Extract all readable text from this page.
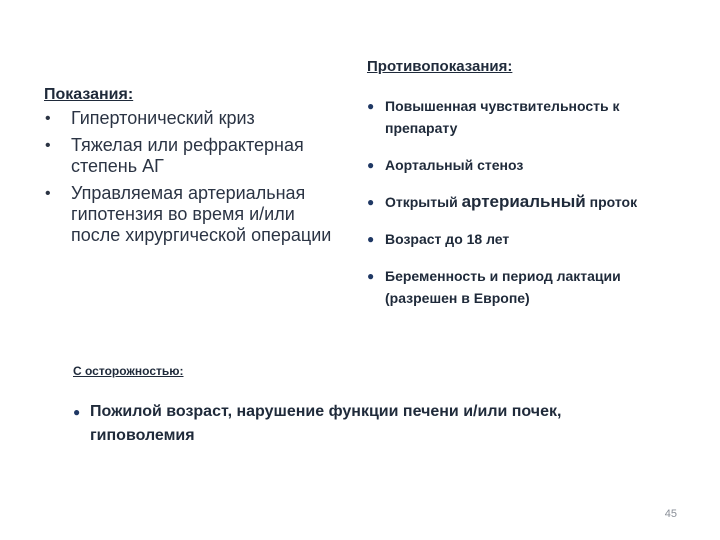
Показания:
• Гипертонический криз
• Тяжелая или рефрактерная степень АГ
• Управляемая артериальная гипотензия во время и/или после хирургической операции
Противопоказания:
● Повышенная чувствительность к препарату
● Аортальный стеноз
● Открытый артериальный проток
● Возраст до 18 лет
● Беременность и период лактации (разрешен в Европе)
С осторожностью:
● Пожилой возраст, нарушение функции печени и/или почек, гиповолемия
45
